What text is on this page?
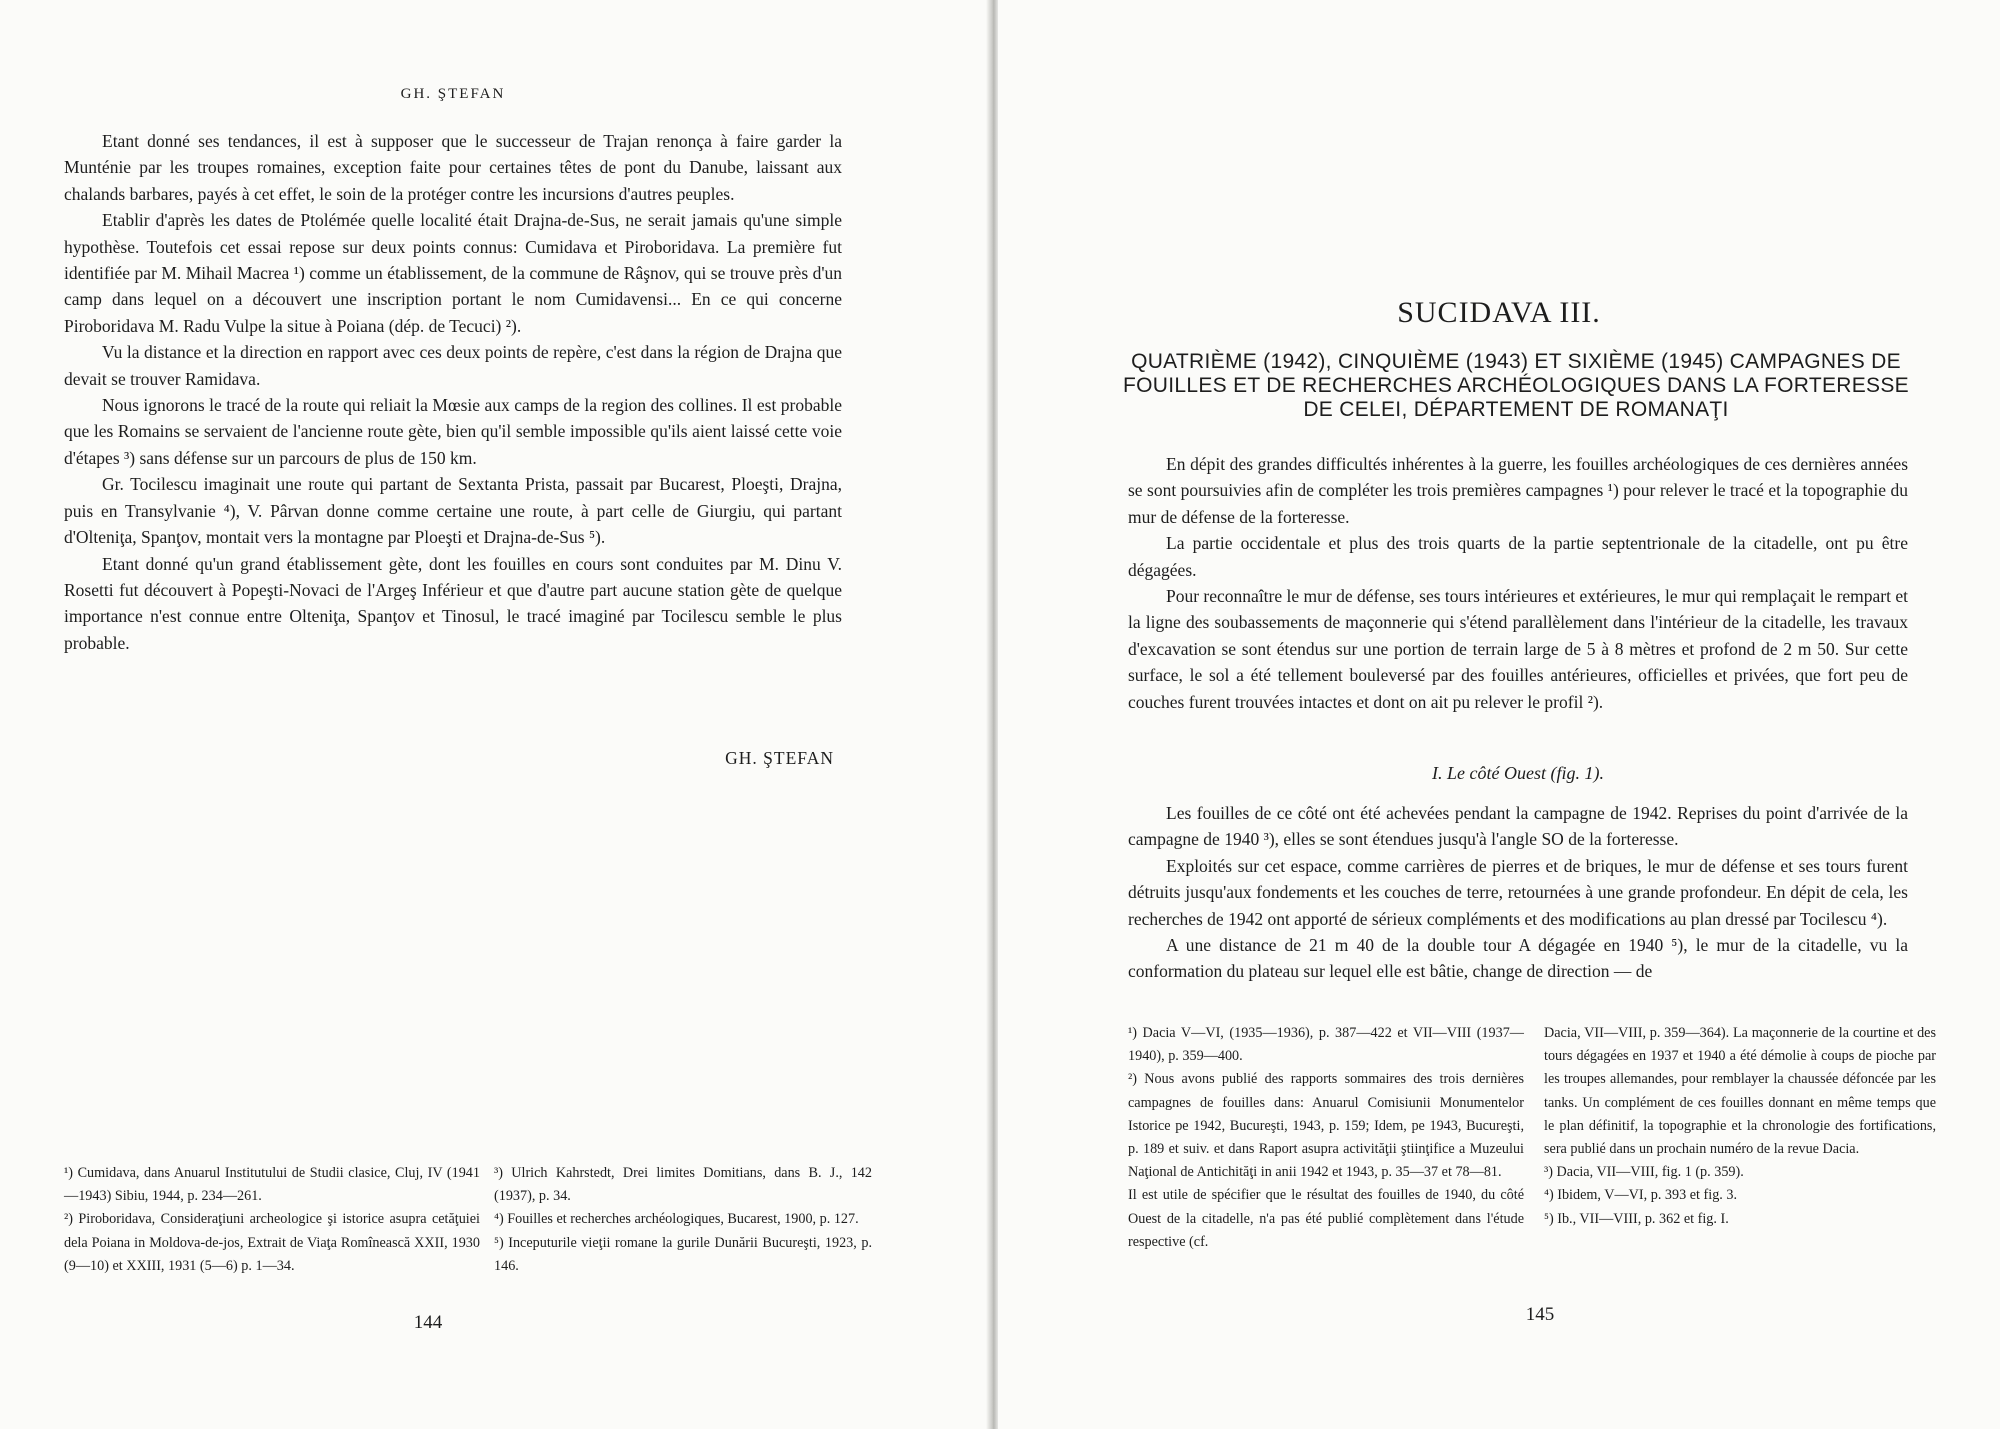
GH. ŞTEFAN

Etant donné ses tendances, il est à supposer que le successeur de Trajan renonça à faire garder la Munténie par les troupes romaines, exception faite pour certaines têtes de pont du Danube, laissant aux chalands barbares, payés à cet effet, le soin de la protéger contre les incursions d'autres peuples.

Etablir d'après les dates de Ptolémée quelle localité était Drajna-de-Sus, ne serait jamais qu'une simple hypothèse. Toutefois cet essai repose sur deux points connus: Cumidava et Piroboridava. La première fut identifiée par M. Mihail Macrea ¹) comme un établissement, de la commune de Râşnov, qui se trouve près d'un camp dans lequel on a découvert une inscription portant le nom Cumidavensi... En ce qui concerne Piroboridava M. Radu Vulpe la situe à Poiana (dép. de Tecuci) ²).

Vu la distance et la direction en rapport avec ces deux points de repère, c'est dans la région de Drajna que devait se trouver Ramidava.

Nous ignorons le tracé de la route qui reliait la Mœsie aux camps de la region des collines. Il est probable que les Romains se servaient de l'ancienne route gète, bien qu'il semble impossible qu'ils aient laissé cette voie d'étapes ³) sans défense sur un parcours de plus de 150 km.

Gr. Tocilescu imaginait une route qui partant de Sextanta Prista, passait par Bucarest, Ploeşti, Drajna, puis en Transylvanie ⁴), V. Pârvan donne comme certaine une route, à part celle de Giurgiu, qui partant d'Olteniţa, Spanţov, montait vers la montagne par Ploeşti et Drajna-de-Sus ⁵).

Etant donné qu'un grand établissement gète, dont les fouilles en cours sont conduites par M. Dinu V. Rosetti fut découvert à Popeşti-Novaci de l'Argeş Inférieur et que d'autre part aucune station gète de quelque importance n'est connue entre Olteniţa, Spanţov et Tinosul, le tracé imaginé par Tocilescu semble le plus probable.

GH. ŞTEFAN

¹) Cumidava, dans Anuarul Institutului de Studii clasice, Cluj, IV (1941—1943) Sibiu, 1944, p. 234—261.

²) Piroboridava, Consideraţiuni archeologice şi istorice asupra cetăţuiei dela Poiana in Moldova-de-jos, Extrait de Viaţa Romînească XXII, 1930 (9—10) et XXIII, 1931 (5—6) p. 1—34.

³) Ulrich Kahrstedt, Drei limites Domitians, dans B. J., 142 (1937), p. 34.

⁴) Fouilles et recherches archéologiques, Bucarest, 1900, p. 127.

⁵) Inceputurile vieţii romane la gurile Dunării Bucureşti, 1923, p. 146.

144
SUCIDAVA III.
QUATRIÈME (1942), CINQUIÈME (1943) ET SIXIÈME (1945) CAMPAGNES DE
FOUILLES ET DE RECHERCHES ARCHÉOLOGIQUES DANS LA FORTERESSE
DE CELEI, DÉPARTEMENT DE ROMANAŢI

En dépit des grandes difficultés inhérentes à la guerre, les fouilles archéologiques de ces dernières années se sont poursuivies afin de compléter les trois premières campagnes ¹) pour relever le tracé et la topographie du mur de défense de la forteresse.

La partie occidentale et plus des trois quarts de la partie septentrionale de la citadelle, ont pu être dégagées.

Pour reconnaître le mur de défense, ses tours intérieures et extérieures, le mur qui remplaçait le rempart et la ligne des soubassements de maçonnerie qui s'étend parallèlement dans l'intérieur de la citadelle, les travaux d'excavation se sont étendus sur une portion de terrain large de 5 à 8 mètres et profond de 2 m 50. Sur cette surface, le sol a été tellement bouleversé par des fouilles antérieures, officielles et privées, que fort peu de couches furent trouvées intactes et dont on ait pu relever le profil ²).

I. Le côté Ouest (fig. 1).

Les fouilles de ce côté ont été achevées pendant la campagne de 1942. Reprises du point d'arrivée de la campagne de 1940 ³), elles se sont étendues jusqu'à l'angle SO de la forteresse.

Exploités sur cet espace, comme carrières de pierres et de briques, le mur de défense et ses tours furent détruits jusqu'aux fondements et les couches de terre, retournées à une grande profondeur. En dépit de cela, les recherches de 1942 ont apporté de sérieux compléments et des modifications au plan dressé par Tocilescu ⁴).

A une distance de 21 m 40 de la double tour A dégagée en 1940 ⁵), le mur de la citadelle, vu la conformation du plateau sur lequel elle est bâtie, change de direction — de

¹) Dacia V—VI, (1935—1936), p. 387—422 et VII—VIII (1937—1940), p. 359—400.

²) Nous avons publié des rapports sommaires des trois dernières campagnes de fouilles dans: Anuarul Comisiunii Monumentelor Istorice pe 1942, Bucureşti, 1943, p. 159; Idem, pe 1943, Bucureşti, p. 189 et suiv. et dans Raport asupra activităţii ştiinţifice a Muzeului Naţional de Antichităţi in anii 1942 et 1943, p. 35—37 et 78—81.

Il est utile de spécifier que le résultat des fouilles de 1940, du côté Ouest de la citadelle, n'a pas été publié complètement dans l'étude respective (cf.

Dacia, VII—VIII, p. 359—364). La maçonnerie de la courtine et des tours dégagées en 1937 et 1940 a été démolie à coups de pioche par les troupes allemandes, pour remblayer la chaussée défoncée par les tanks. Un complément de ces fouilles donnant en même temps que le plan définitif, la topographie et la chronologie des fortifications, sera publié dans un prochain numéro de la revue Dacia.

³) Dacia, VII—VIII, fig. 1 (p. 359).

⁴) Ibidem, V—VI, p. 393 et fig. 3.

⁵) Ib., VII—VIII, p. 362 et fig. I.

145
